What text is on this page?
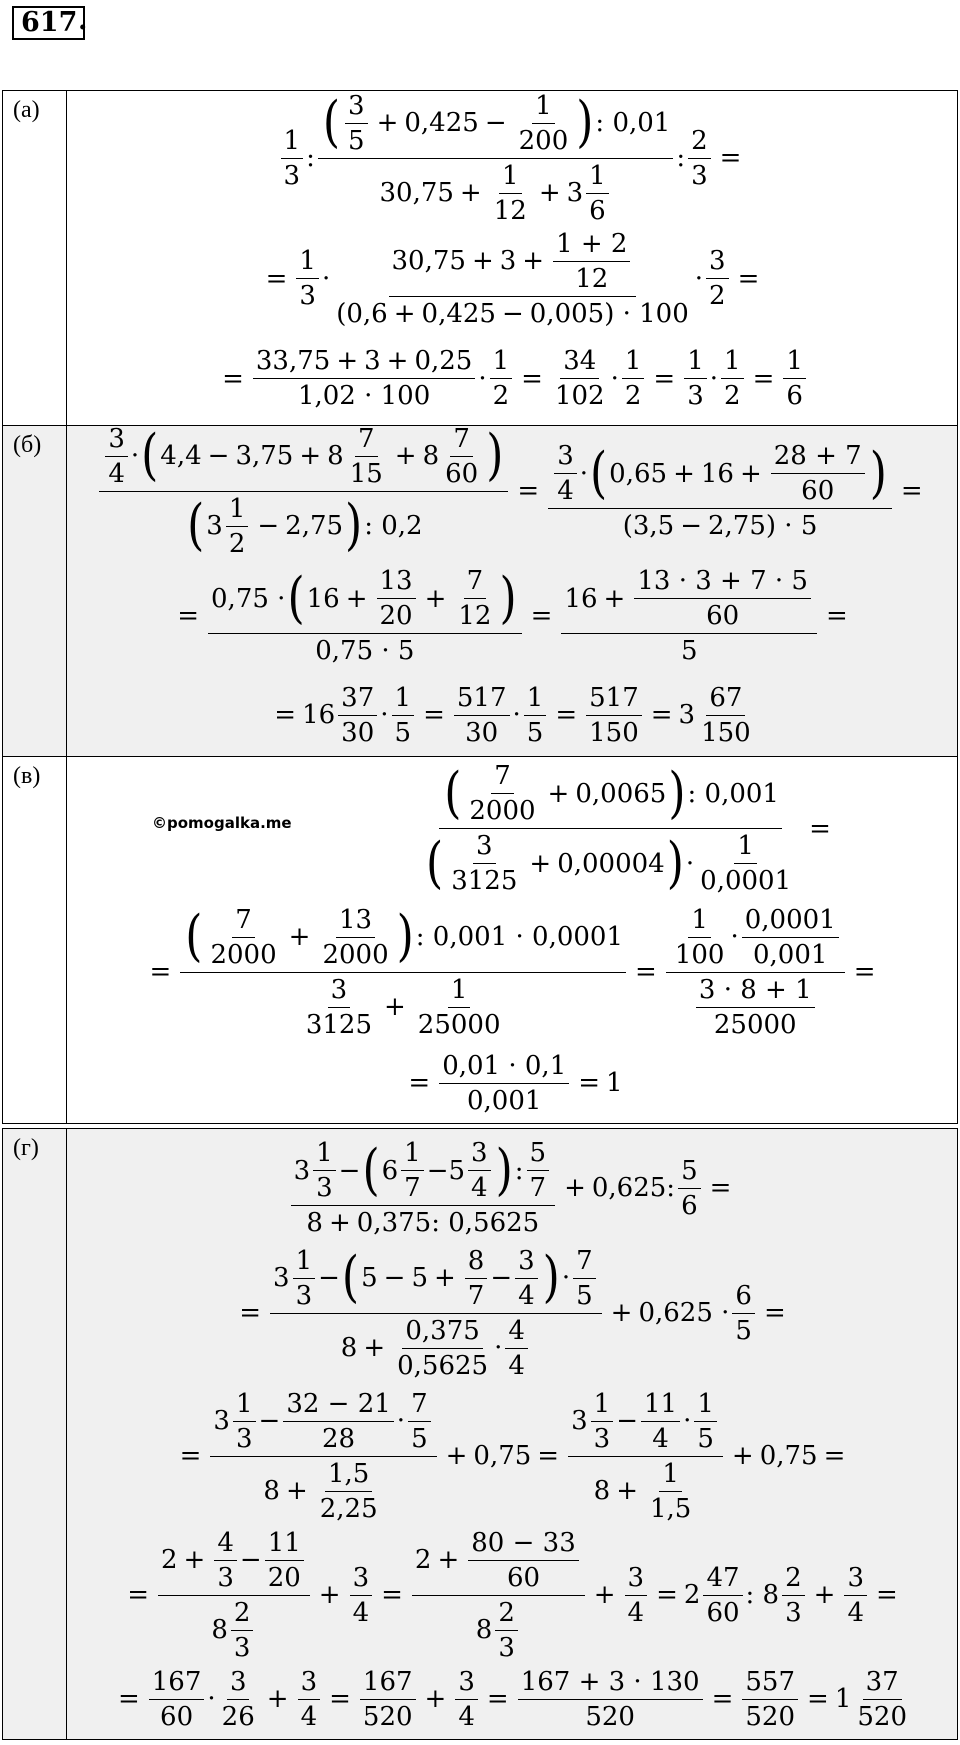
617 .
(а)
$\frac{1}{3}$ : $\frac{( \frac{3}{5} + 0,425 - \frac{1}{200} ) : 0,01}{30,75 + \frac{1}{12} + 3 \frac{1}{6}}$ : $\frac{2}{3}$ =
= $\frac{1}{3} \cdot \frac{30,75 + 3 + \frac{1 + 2}{12}}{(0,6 + 0,425 - 0,005) \cdot 100} \cdot \frac{3}{2}$ =
= $\frac{33,75 + 3 + 0,25}{1,02 \cdot 100} \cdot \frac{1}{2} = \frac{34}{102} \cdot \frac{1}{2} = \frac{1}{3} \cdot \frac{1}{2} = \frac{1}{6}$
$(б) \frac{\frac{3}{4} \cdot ( 4,4 - 3,75 + 8 \frac{7}{15} + 8 \frac{7}{60} )}{( 3 \frac{1}{2} - 2,75 ) : 0,2} = \frac{\frac{3}{4} \cdot ( 0,65 + 16 + \frac{28 + 7}{60} )}{(3,5 - 2,75) \cdot 5}$ =
= $\frac{0,75 \cdot ( 16 + \frac{13}{20} + \frac{7}{12} )}{0,75 \cdot 5} = \frac{16 + \frac{13 \cdot 3 + 7 \cdot 5}{60}}{5}$ =
= $16 \frac{37}{30} \cdot \frac{1}{5} = \frac{517}{30} \cdot \frac{1}{5} = \frac{517}{150} = 3 \frac{67}{150}$
(в)
©pomogalka.me	$\frac{( \frac{7}{2000} + 0,0065 ) : 0,001}{( \frac{3}{3125} + 0,00004 ) \cdot \frac{1}{0,0001}}$ =
= $\frac{( \frac{7}{2000} + \frac{13}{2000} ) : 0,001 \cdot 0,0001}{\frac{3}{3125} + \frac{1}{25000}} = \frac{\frac{1}{100} \cdot \frac{0,0001}{0,001}}{\frac{3 \cdot 8 + 1}{25000}}$ =
= $\frac{0,01 \cdot 0,1}{0,001} = 1$
(г)	$\frac{3 \frac{1}{3} - ( 6 \frac{1}{7} -5 \frac{3}{4} ) : \frac{5}{7}}{8 + 0,375: 0,5625} + 0,625$: $\frac{5}{6}$ =
= $\frac{3 \frac{1}{3} - ( 5 - 5 + \frac{8}{7} - \frac{3}{4} ) \cdot \frac{7}{5}}{8 + \frac{0,375}{0,5625} \cdot \frac{4}{4}} + 0,625 \cdot \frac{6}{5}$ =
= $\frac{3 \frac{1}{3} - \frac{32 - 21}{28} \cdot \frac{7}{5}}{8 + \frac{1,5}{2,25}} + 0,75 = \frac{3 \frac{1}{3} - \frac{11}{4} \cdot \frac{1}{5}}{8 + \frac{1}{1,5}} + 0,75$ =
= $\frac{2 + \frac{4}{3} - \frac{11}{20}}{8 \frac{2}{3}} + \frac{3}{4} = \frac{2 + \frac{80 - 33}{60}}{8 \frac{2}{3}} + \frac{3}{4} = 2 \frac{47}{60}$ : $8 \frac{2}{3} + \frac{3}{4}$ =
= $\frac{167}{60} \cdot \frac{3}{26} + \frac{3}{4} = \frac{167}{520} + \frac{3}{4} = \frac{167 + 3 \cdot 130}{520} = \frac{557}{520} = 1 \frac{37}{520}$
